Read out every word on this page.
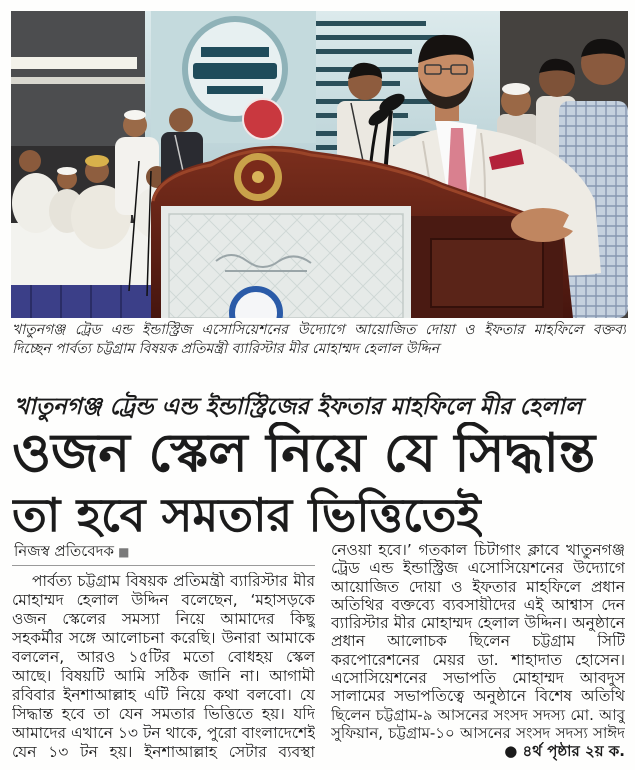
খাতুনগঞ্জ ট্রেড এন্ড ইন্ডাস্ট্রিজ এসোসিয়েশনের উদ্যোগে আয়োজিত দোয়া ও ইফতার মাহফিলে বক্তব্য
দিচ্ছেন পার্বত্য চট্টগ্রাম বিষয়ক প্রতিমন্ত্রী ব্যারিস্টার মীর মোহাম্মদ হেলাল উদ্দিন
খাতুনগঞ্জ ট্রেন্ড এন্ড ইন্ডাস্ট্রিজের ইফতার মাহফিলে মীর হেলাল
ওজন স্কেল নিয়ে যে সিদ্ধান্ত
তা হবে সমতার ভিত্তিতেই
নিজস্ব প্রতিবেদক ■
পার্বত্য চট্টগ্রাম বিষয়ক প্রতিমন্ত্রী ব্যারিস্টার মীর
মোহাম্মদ হেলাল উদ্দিন বলেছেন, ‘মহাসড়কে
ওজন স্কেলের সমস্যা নিয়ে আমাদের কিছু
সহকর্মীর সঙ্গে আলোচনা করেছি। উনারা আমাকে
বললেন, আরও ১৫টির মতো বোধহয় স্কেল
আছে। বিষয়টি আমি সঠিক জানি না। আগামী
রবিবার ইনশাআল্লাহ এটি নিয়ে কথা বলবো। যে
সিদ্ধান্ত হবে তা যেন সমতার ভিত্তিতে হয়। যদি
আমাদের এখানে ১৩ টন থাকে, পুরো বাংলাদেশেই
যেন ১৩ টন হয়। ইনশাআল্লাহ সেটার ব্যবস্থা
নেওয়া হবে।’ গতকাল চিটাগাং ক্লাবে খাতুনগঞ্জ
ট্রেড এন্ড ইন্ডাস্ট্রিজ এসোসিয়েশনের উদ্যোগে
আয়োজিত দোয়া ও ইফতার মাহফিলে প্রধান
অতিথির বক্তব্যে ব্যবসায়ীদের এই আশ্বাস দেন
ব্যারিস্টার মীর মোহাম্মদ হেলাল উদ্দিন। অনুষ্ঠানে
প্রধান আলোচক ছিলেন চট্টগ্রাম সিটি
করপোরেশনের মেয়র ডা. শাহাদাত হোসেন।
এসোসিয়েশনের সভাপতি মোহাম্মদ আবদুস
সালামের সভাপতিত্বে অনুষ্ঠানে বিশেষ অতিথি
ছিলেন চট্টগ্রাম-৯ আসনের সংসদ সদস্য মো. আবু
সুফিয়ান, চট্টগ্রাম-১০ আসনের সংসদ সদস্য সাঈদ
● ৪র্থ পৃষ্ঠার ২য় ক.
